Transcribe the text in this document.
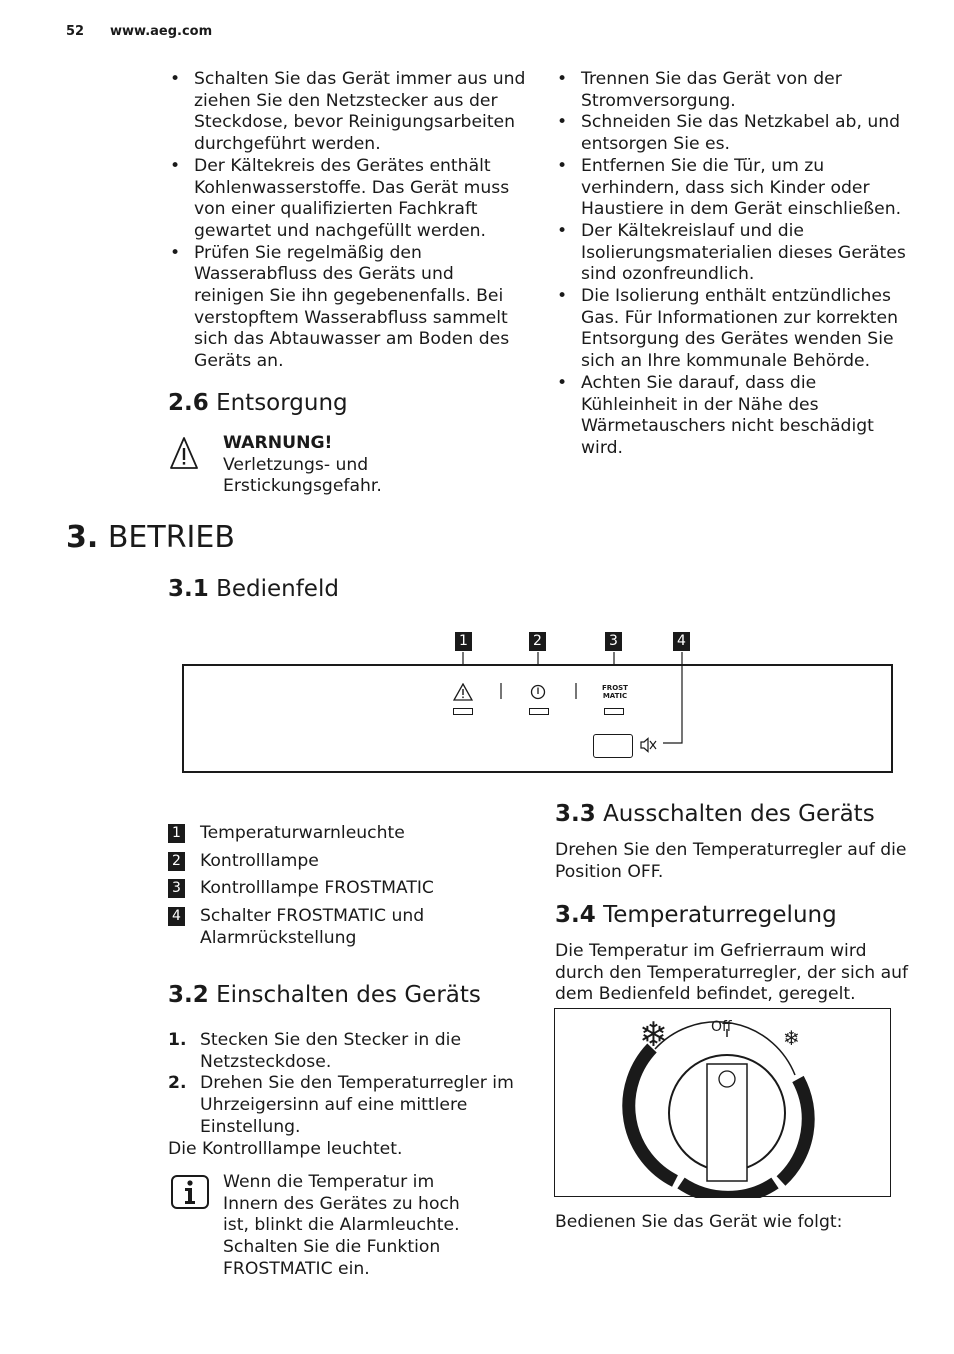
52 www.aeg.com
• Schalten Sie das Gerät immer aus und ziehen Sie den Netzstecker aus der Steckdose, bevor Reinigungsarbeiten durchgeführt werden.
• Der Kältekreis des Gerätes enthält Kohlenwasserstoffe. Das Gerät muss von einer qualifizierten Fachkraft gewartet und nachgefüllt werden.
• Prüfen Sie regelmäßig den Wasserabfluss des Geräts und reinigen Sie ihn gegebenenfalls. Bei verstopftem Wasserabfluss sammelt sich das Abtauwasser am Boden des Geräts an.
• Trennen Sie das Gerät von der Stromversorgung.
• Schneiden Sie das Netzkabel ab, und entsorgen Sie es.
• Entfernen Sie die Tür, um zu verhindern, dass sich Kinder oder Haustiere in dem Gerät einschließen.
• Der Kältekreislauf und die Isolierungsmaterialien dieses Gerätes sind ozonfreundlich.
• Die Isolierung enthält entzündliches Gas. Für Informationen zur korrekten Entsorgung des Gerätes wenden Sie sich an Ihre kommunale Behörde.
• Achten Sie darauf, dass die Kühleinheit in der Nähe des Wärmetauschers nicht beschädigt wird.
2.6 Entsorgung
WARNUNG!
Verletzungs- und Erstickungsgefahr.
3. BETRIEB
3.1 Bedienfeld
1	2	3	4
FROST
MATIC
1 Temperaturwarnleuchte
2 Kontrolllampe
3 Kontrolllampe FROSTMATIC
4 Schalter FROSTMATIC und Alarmrückstellung
3.2 Einschalten des Geräts
1. Stecken Sie den Stecker in die Netzsteckdose.
2. Drehen Sie den Temperaturregler im Uhrzeigersinn auf eine mittlere Einstellung.
Die Kontrolllampe leuchtet.
Wenn die Temperatur im Innern des Gerätes zu hoch ist, blinkt die Alarmleuchte. Schalten Sie die Funktion FROSTMATIC ein.
3.3 Ausschalten des Geräts
Drehen Sie den Temperaturregler auf die Position OFF.
3.4 Temperaturregelung
Die Temperatur im Gefrierraum wird durch den Temperaturregler, der sich auf dem Bedienfeld befindet, geregelt.
Off
❄	❄
Bedienen Sie das Gerät wie folgt:
